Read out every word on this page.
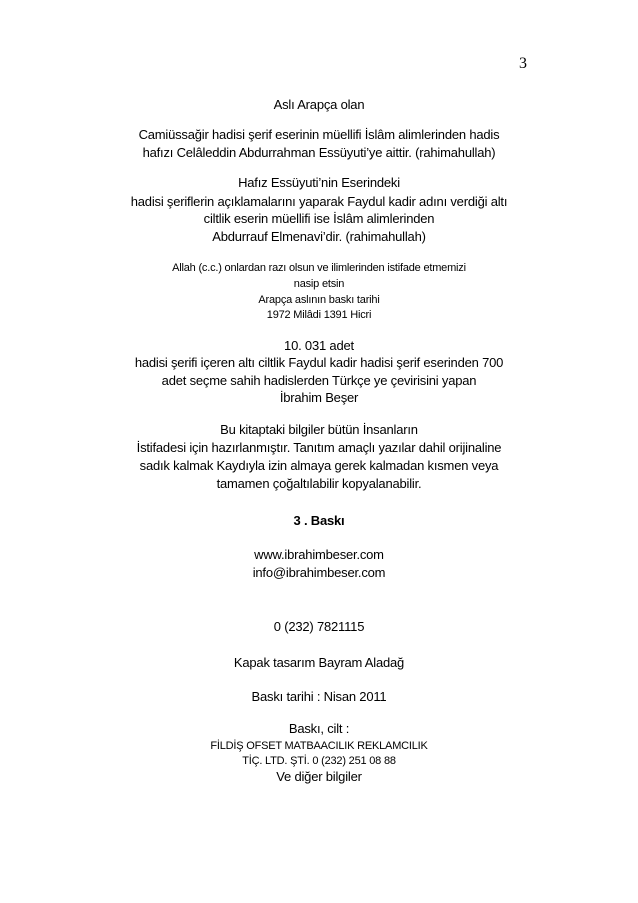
3
Aslı Arapça olan
Camiüssağir hadisi şerif eserinin müellifi İslâm alimlerinden hadis
hafızı Celâleddin Abdurrahman Essüyuti’ye aittir. (rahimahullah)
Hafız Essüyuti’nin Eserindeki
hadisi şeriflerin açıklamalarını yaparak Faydul kadir adını verdiği altı
ciltlik eserin müellifi ise İslâm alimlerinden
Abdurrauf Elmenavi’dir. (rahimahullah)
Allah (c.c.) onlardan razı olsun ve ilimlerinden istifade etmemizi
nasip etsin
Arapça aslının baskı tarihi
1972 Milâdi 1391 Hicri
10. 031 adet
hadisi şerifi içeren altı ciltlik Faydul kadir hadisi şerif eserinden 700
adet seçme sahih hadislerden Türkçe ye çevirisini yapan
İbrahim Beşer
Bu kitaptaki bilgiler bütün İnsanların
İstifadesi için hazırlanmıştır. Tanıtım amaçlı yazılar dahil orijinaline
sadık kalmak Kaydıyla izin almaya gerek kalmadan kısmen veya
tamamen çoğaltılabilir kopyalanabilir.
3 . Baskı
www.ibrahimbeser.com
info@ibrahimbeser.com
0 (232) 7821115
Kapak tasarım Bayram Aladağ
Baskı tarihi : Nisan 2011
Baskı, cilt :
FİLDİŞ OFSET MATBAACILIK REKLAMCILIK
TİÇ. LTD. ŞTİ. 0 (232) 251 08 88
Ve diğer bilgiler
